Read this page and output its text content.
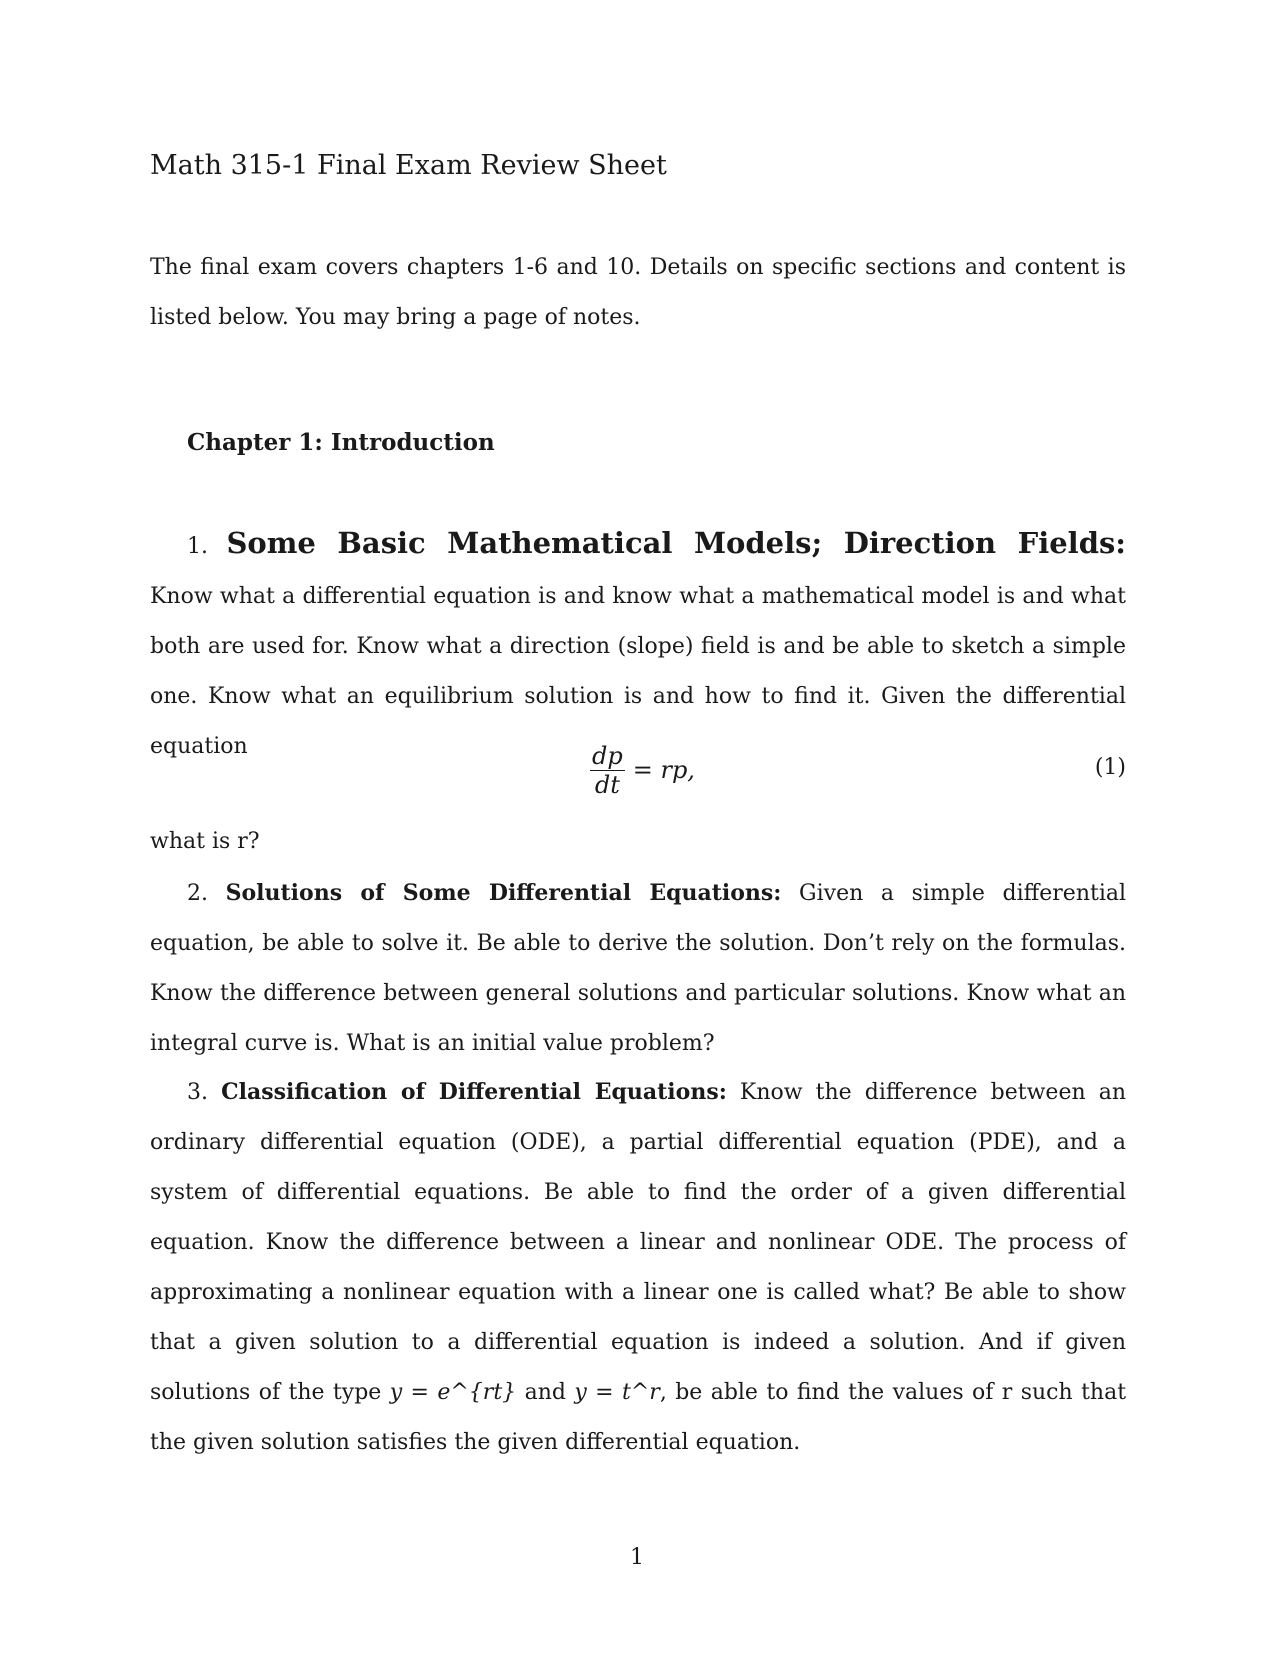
Math 315-1 Final Exam Review Sheet
The final exam covers chapters 1-6 and 10. Details on specific sections and content is listed below. You may bring a page of notes.
Chapter 1: Introduction
1. Some Basic Mathematical Models; Direction Fields: Know what a differential equation is and know what a mathematical model is and what both are used for. Know what a direction (slope) field is and be able to sketch a simple one. Know what an equilibrium solution is and how to find it. Given the differential equation	$\frac{dp}{dt}$ = rp,	(1)
what is r?
2. Solutions of Some Differential Equations: Given a simple differential equation, be able to solve it. Be able to derive the solution. Don’t rely on the formulas. Know the difference between general solutions and particular solutions. Know what an integral curve is. What is an initial value problem?
3. Classification of Differential Equations: Know the difference between an ordinary differential equation (ODE), a partial differential equation (PDE), and a system of differential equations. Be able to find the order of a given differential equation. Know the difference between a linear and nonlinear ODE. The process of approximating a nonlinear equation with a linear one is called what? Be able to show that a given solution to a differential equation is indeed a solution. And if given solutions of the type y = e^{rt} and y = t^r, be able to find the values of r such that the given solution satisfies the given differential equation.
1
